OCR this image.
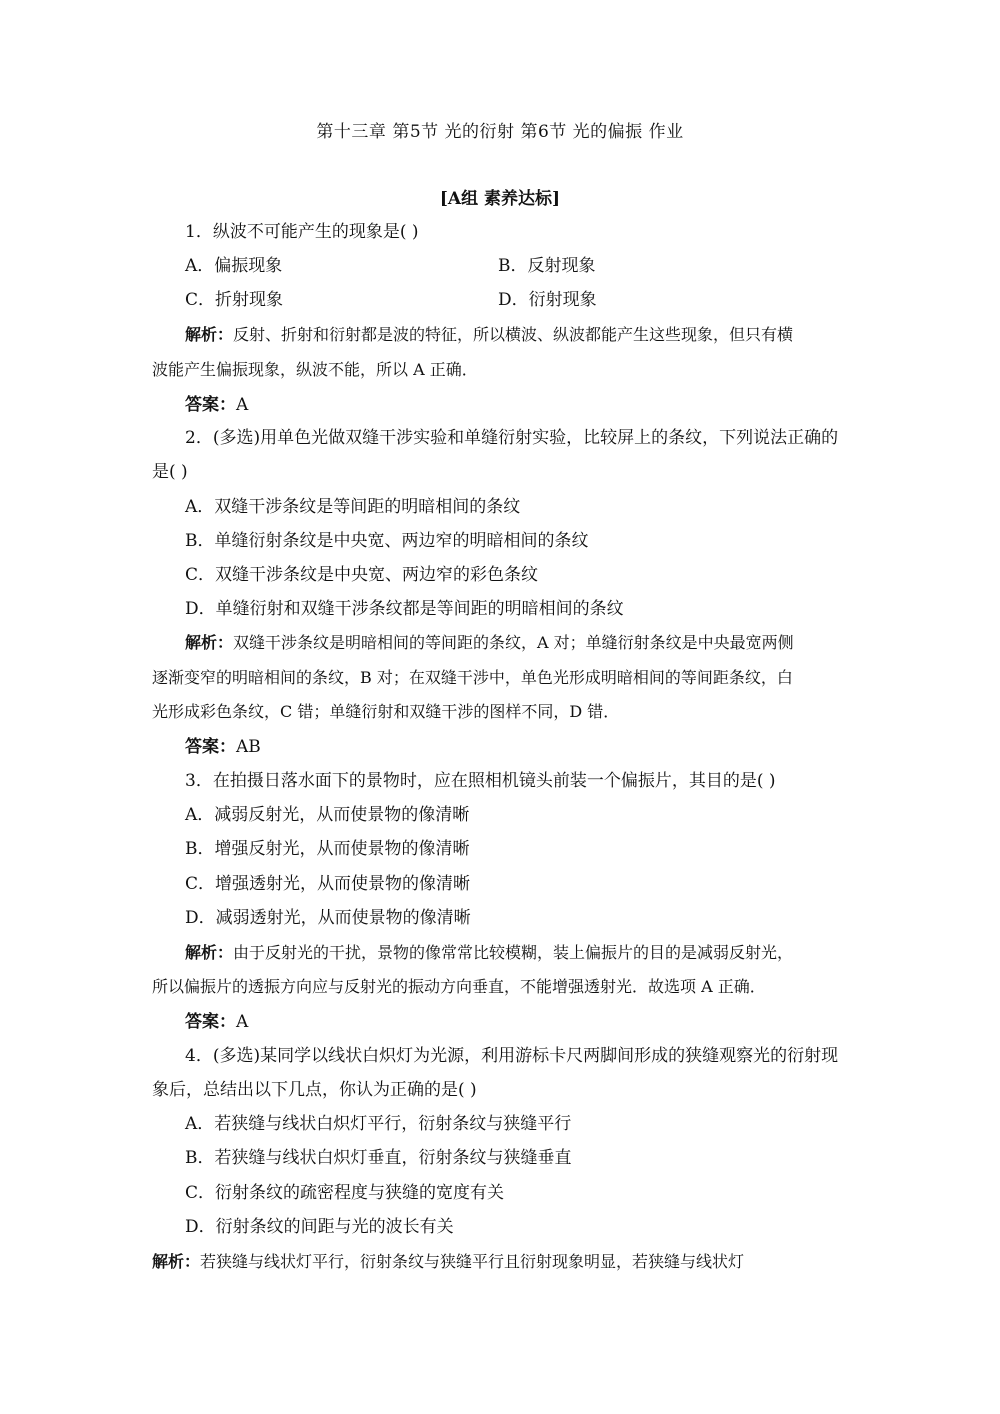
第十三章 第5节 光的衍射 第6节 光的偏振 作业
[A组 素养达标]
1．纵波不可能产生的现象是( )
A．偏振现象	B．反射现象
C．折射现象	D．衍射现象
解析：反射、折射和衍射都是波的特征，所以横波、纵波都能产生这些现象，但只有横
波能产生偏振现象，纵波不能，所以 A 正确．
答案：A
2．(多选)用单色光做双缝干涉实验和单缝衍射实验，比较屏上的条纹，下列说法正确的
是( )
A．双缝干涉条纹是等间距的明暗相间的条纹
B．单缝衍射条纹是中央宽、两边窄的明暗相间的条纹
C．双缝干涉条纹是中央宽、两边窄的彩色条纹
D．单缝衍射和双缝干涉条纹都是等间距的明暗相间的条纹
解析：双缝干涉条纹是明暗相间的等间距的条纹，A 对；单缝衍射条纹是中央最宽两侧
逐渐变窄的明暗相间的条纹，B 对；在双缝干涉中，单色光形成明暗相间的等间距条纹，白
光形成彩色条纹，C 错；单缝衍射和双缝干涉的图样不同，D 错．
答案：AB
3．在拍摄日落水面下的景物时，应在照相机镜头前装一个偏振片，其目的是( )
A．减弱反射光，从而使景物的像清晰
B．增强反射光，从而使景物的像清晰
C．增强透射光，从而使景物的像清晰
D．减弱透射光，从而使景物的像清晰
解析：由于反射光的干扰，景物的像常常比较模糊，装上偏振片的目的是减弱反射光，
所以偏振片的透振方向应与反射光的振动方向垂直，不能增强透射光．故选项 A 正确．
答案：A
4．(多选)某同学以线状白炽灯为光源，利用游标卡尺两脚间形成的狭缝观察光的衍射现
象后，总结出以下几点，你认为正确的是( )
A．若狭缝与线状白炽灯平行，衍射条纹与狭缝平行
B．若狭缝与线状白炽灯垂直，衍射条纹与狭缝垂直
C．衍射条纹的疏密程度与狭缝的宽度有关
D．衍射条纹的间距与光的波长有关
解析：若狭缝与线状灯平行，衍射条纹与狭缝平行且衍射现象明显，若狭缝与线状灯
